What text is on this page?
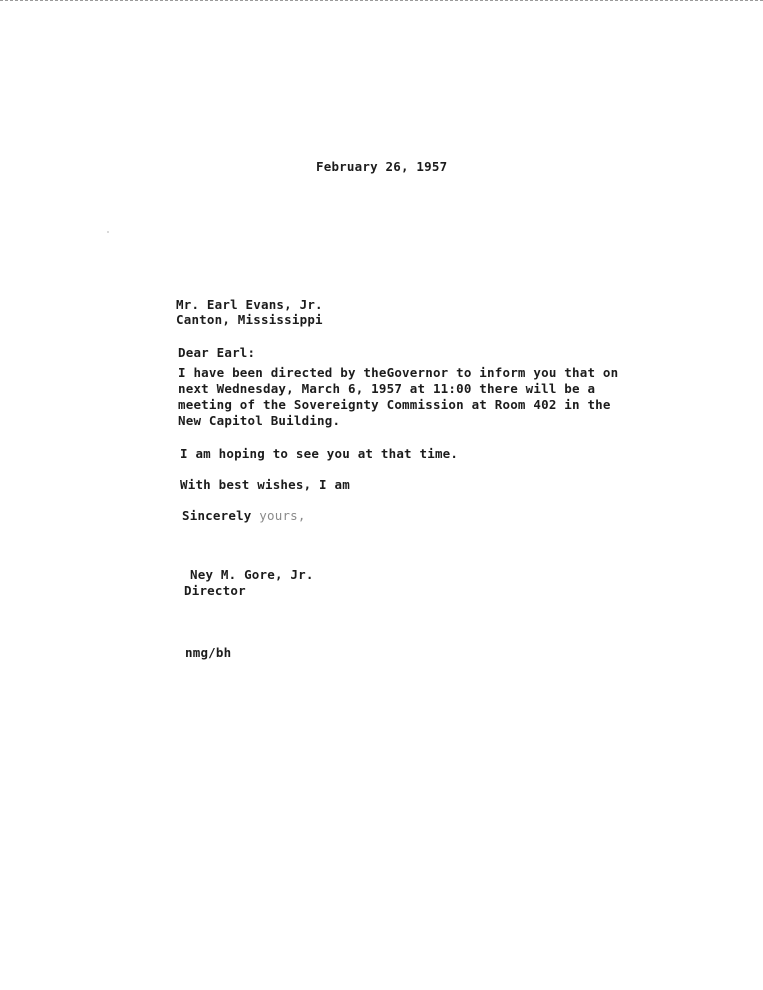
February 26, 1957
Mr. Earl Evans, Jr.
Canton, Mississippi
Dear Earl:
I have been directed by theGovernor to inform you that on
next Wednesday, March 6, 1957 at 11:00 there will be a
meeting of the Sovereignty Commission at Room 402 in the
New Capitol Building.
I am hoping to see you at that time.
With best wishes, I am
Sincerely yours,
Ney M. Gore, Jr.
Director
nmg/bh
